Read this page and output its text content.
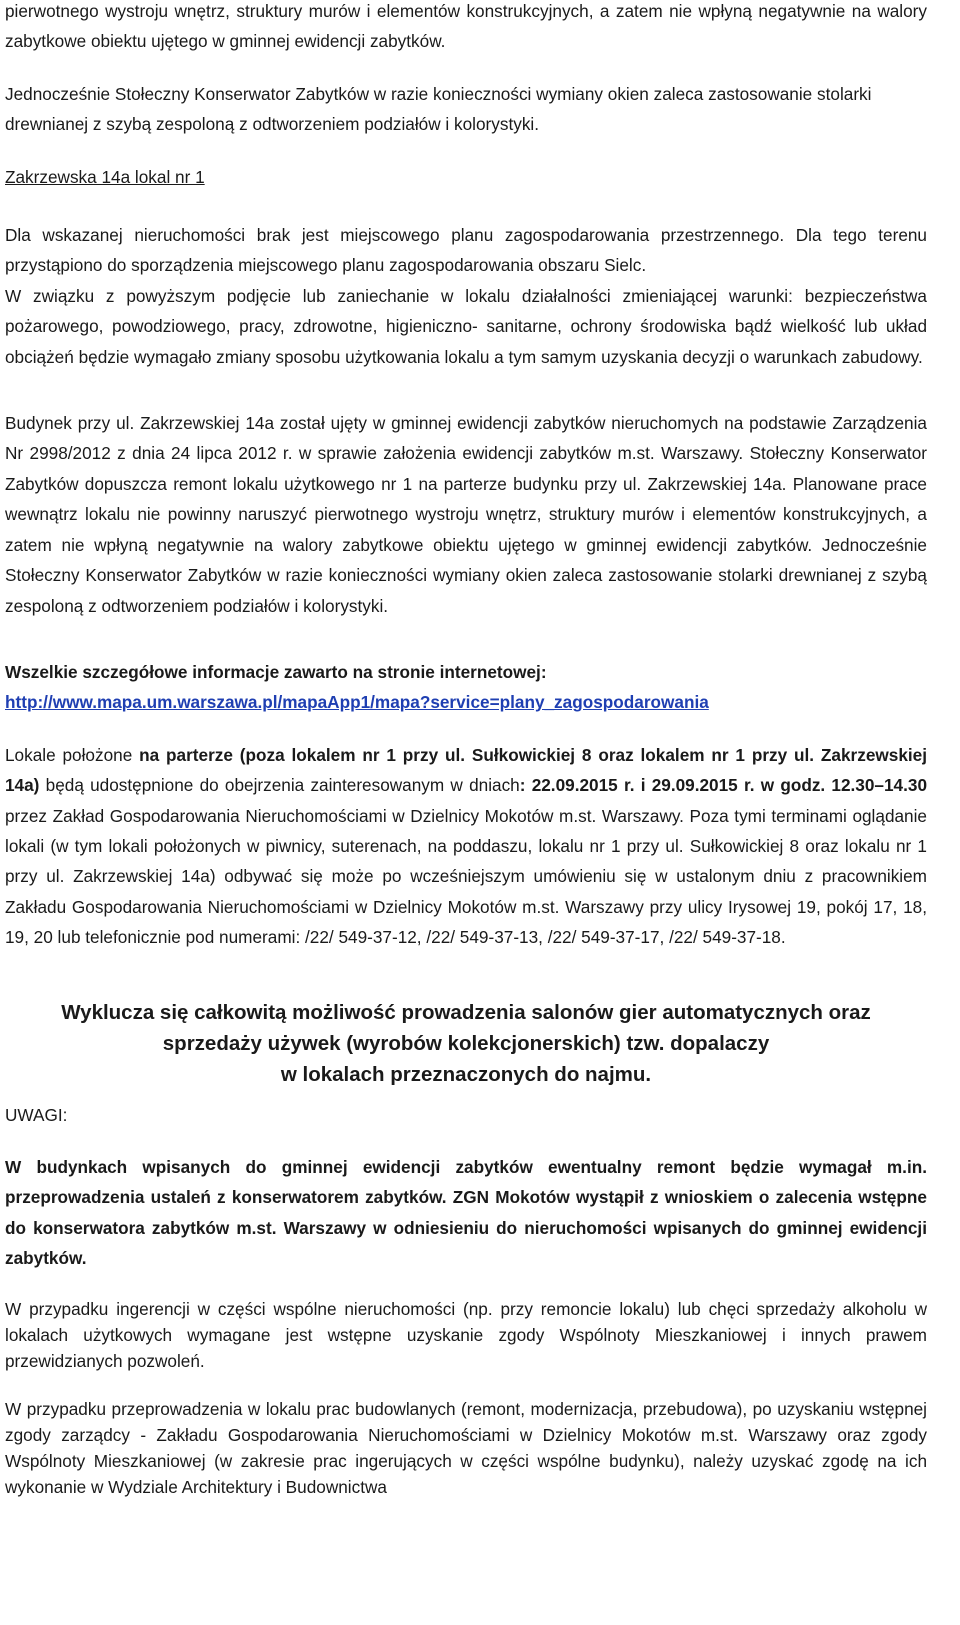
pierwotnego wystroju wnętrz, struktury murów i elementów konstrukcyjnych, a zatem nie wpłyną negatywnie na walory zabytkowe obiektu ujętego w gminnej ewidencji zabytków.

Jednocześnie Stołeczny Konserwator Zabytków w razie konieczności wymiany okien zaleca zastosowanie stolarki drewnianej z szybą zespoloną z odtworzeniem podziałów i kolorystyki.

Zakrzewska 14a lokal nr 1

Dla wskazanej nieruchomości brak jest miejscowego planu zagospodarowania przestrzennego. Dla tego terenu przystąpiono do sporządzenia miejscowego planu zagospodarowania obszaru Sielc.

W związku z powyższym podjęcie lub zaniechanie w lokalu działalności zmieniającej warunki: bezpieczeństwa pożarowego, powodziowego, pracy, zdrowotne, higieniczno- sanitarne, ochrony środowiska bądź wielkość lub układ obciążeń będzie wymagało zmiany sposobu użytkowania lokalu a tym samym uzyskania decyzji o warunkach zabudowy.

Budynek przy ul. Zakrzewskiej 14a został ujęty w gminnej ewidencji zabytków nieruchomych na podstawie Zarządzenia Nr 2998/2012 z dnia 24 lipca 2012 r. w sprawie założenia ewidencji zabytków m.st. Warszawy. Stołeczny Konserwator Zabytków dopuszcza remont lokalu użytkowego nr 1 na parterze budynku przy ul. Zakrzewskiej 14a. Planowane prace wewnątrz lokalu nie powinny naruszyć pierwotnego wystroju wnętrz, struktury murów i elementów konstrukcyjnych, a zatem nie wpłyną negatywnie na walory zabytkowe obiektu ujętego w gminnej ewidencji zabytków. Jednocześnie Stołeczny Konserwator Zabytków w razie konieczności wymiany okien zaleca zastosowanie stolarki drewnianej z szybą zespoloną z odtworzeniem podziałów i kolorystyki.

Wszelkie szczegółowe informacje zawarto na stronie internetowej:

http://www.mapa.um.warszawa.pl/mapaApp1/mapa?service=plany_zagospodarowania

Lokale położone na parterze (poza lokalem nr 1 przy ul. Sułkowickiej 8 oraz lokalem nr 1 przy ul. Zakrzewskiej 14a) będą udostępnione do obejrzenia zainteresowanym w dniach: 22.09.2015 r. i 29.09.2015 r. w godz. 12.30–14.30 przez Zakład Gospodarowania Nieruchomościami w Dzielnicy Mokotów m.st. Warszawy. Poza tymi terminami oglądanie lokali (w tym lokali położonych w piwnicy, suterenach, na poddaszu, lokalu nr 1 przy ul. Sułkowickiej 8 oraz lokalu nr 1 przy ul. Zakrzewskiej 14a) odbywać się może po wcześniejszym umówieniu się w ustalonym dniu z pracownikiem Zakładu Gospodarowania Nieruchomościami w Dzielnicy Mokotów m.st. Warszawy przy ulicy Irysowej 19, pokój 17, 18, 19, 20 lub telefonicznie pod numerami: /22/ 549-37-12, /22/ 549-37-13, /22/ 549-37-17, /22/ 549-37-18.

Wyklucza się całkowitą możliwość prowadzenia salonów gier automatycznych oraz
sprzedaży używek (wyrobów kolekcjonerskich) tzw. dopalaczy
w lokalach przeznaczonych do najmu.

UWAGI:

W budynkach wpisanych do gminnej ewidencji zabytków ewentualny remont będzie wymagał m.in. przeprowadzenia ustaleń z konserwatorem zabytków. ZGN Mokotów wystąpił z wnioskiem o zalecenia wstępne do konserwatora zabytków m.st. Warszawy w odniesieniu do nieruchomości wpisanych do gminnej ewidencji zabytków.

W przypadku ingerencji w części wspólne nieruchomości (np. przy remoncie lokalu) lub chęci sprzedaży alkoholu w lokalach użytkowych wymagane jest wstępne uzyskanie zgody Wspólnoty Mieszkaniowej i innych prawem przewidzianych pozwoleń.

W przypadku przeprowadzenia w lokalu prac budowlanych (remont, modernizacja, przebudowa), po uzyskaniu wstępnej zgody zarządcy - Zakładu Gospodarowania Nieruchomościami w Dzielnicy Mokotów m.st. Warszawy oraz zgody Wspólnoty Mieszkaniowej (w zakresie prac ingerujących w części wspólne budynku), należy uzyskać zgodę na ich wykonanie w Wydziale Architektury i Budownictwa
